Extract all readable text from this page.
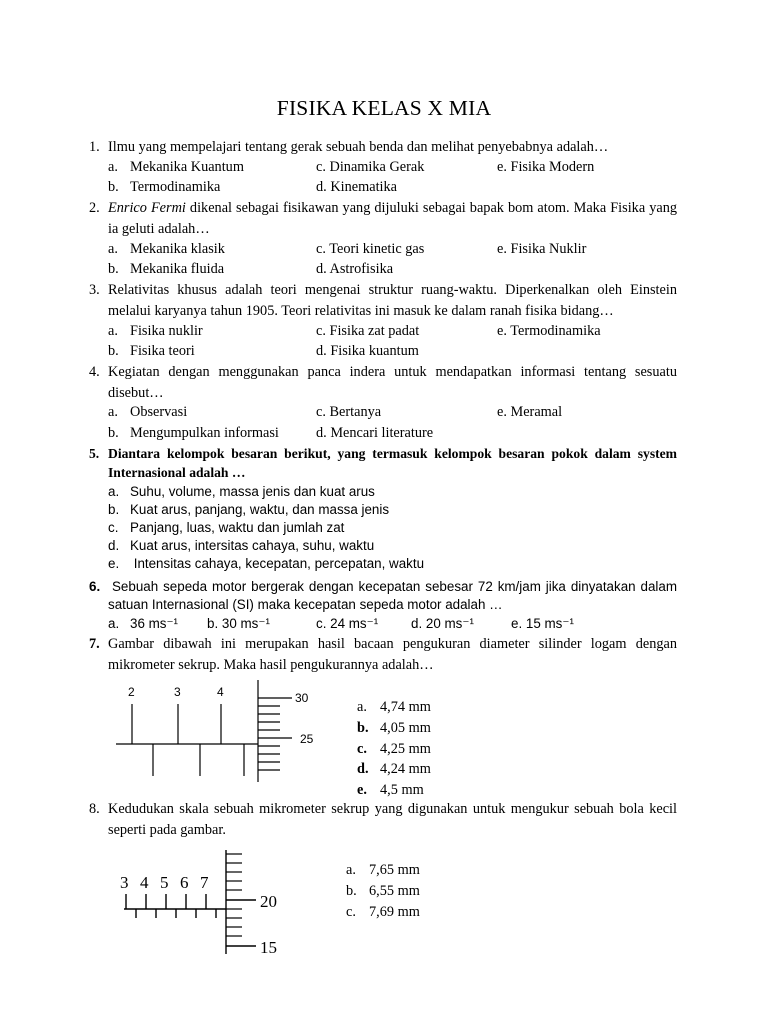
FISIKA KELAS X MIA
1. Ilmu yang mempelajari tentang gerak sebuah benda dan melihat penyebabnya adalah…
a. Mekanika Kuantum	c. Dinamika Gerak	e. Fisika Modern
b. Termodinamika	d. Kinematika
2. Enrico Fermi dikenal sebagai fisikawan yang dijuluki sebagai bapak bom atom. Maka Fisika yang ia geluti adalah…
a. Mekanika klasik	c. Teori kinetic gas	e. Fisika Nuklir
b. Mekanika fluida	d. Astrofisika
3. Relativitas khusus adalah teori mengenai struktur ruang-waktu. Diperkenalkan oleh Einstein melalui karyanya tahun 1905. Teori relativitas ini masuk ke dalam ranah fisika bidang…
a. Fisika nuklir	c. Fisika zat padat	e. Termodinamika
b. Fisika teori	d. Fisika kuantum
4. Kegiatan dengan menggunakan panca indera untuk mendapatkan informasi tentang sesuatu disebut…
a. Observasi	c. Bertanya	e. Meramal
b. Mengumpulkan informasi	d. Mencari literature
5. Diantara kelompok besaran berikut, yang termasuk kelompok besaran pokok dalam system Internasional adalah …
a. Suhu, volume, massa jenis dan kuat arus
b. Kuat arus, panjang, waktu, dan massa jenis
c. Panjang, luas, waktu dan jumlah zat
d. Kuat arus, intersitas cahaya, suhu, waktu
e. Intensitas cahaya, kecepatan, percepatan, waktu
6. Sebuah sepeda motor bergerak dengan kecepatan sebesar 72 km/jam jika dinyatakan dalam satuan Internasional (SI) maka kecepatan sepeda motor adalah …
a. 36 ms⁻¹ b. 30 ms⁻¹	c. 24 ms⁻¹ d. 20 ms⁻¹	e. 15 ms⁻¹
7. Gambar dibawah ini merupakan hasil bacaan pengukuran diameter silinder logam dengan mikrometer sekrup. Maka hasil pengukurannya adalah…
2	3	4	30
25
a. 4,74 mm
b. 4,05 mm
c. 4,25 mm
d. 4,24 mm
e. 4,5 mm
8. Kedudukan skala sebuah mikrometer sekrup yang digunakan untuk mengukur sebuah bola kecil seperti pada gambar.
3 4 5 6 7
20
15
a. 7,65 mm
b. 6,55 mm
c. 7,69 mm
